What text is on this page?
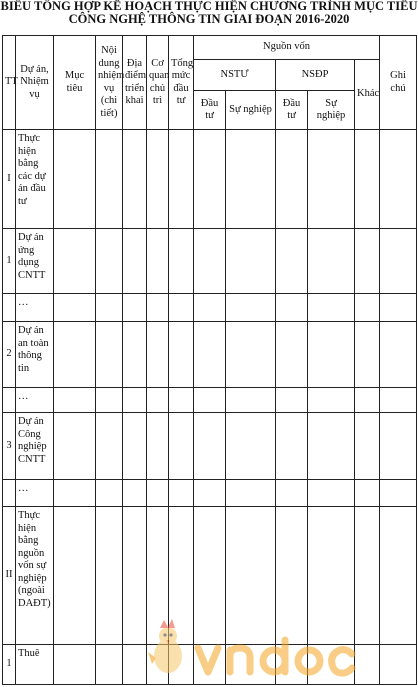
BIỂU TỔNG HỢP KẾ HOẠCH THỰC HIỆN CHƯƠNG TRÌNH MỤC TIÊU
CÔNG NGHỆ THÔNG TIN GIAI ĐOẠN 2016-2020
TT	Dự án, Nhiệm vụ	Mục tiêu	Nội dung nhiệm vụ (chi tiết)	Địa điểm triển khai	Cơ quan chủ trì	Tổng mức đầu tư	Nguồn vốn					Ghi chú
							NSTƯ		NSĐP		Khác	
							Đầu tư	Sự nghiệp	Đầu tư	Sự nghiệp		
I	Thực hiện bằng các dự án đầu tư											
1	Dự án ứng dụng CNTT											
	…											
2	Dự án an toàn thông tin											
	…											
3	Dự án Công nghiệp CNTT											
	…											
II	Thực hiện bằng nguồn vốn sự nghiệp (ngoài DAĐT)											
1	Thuê											
